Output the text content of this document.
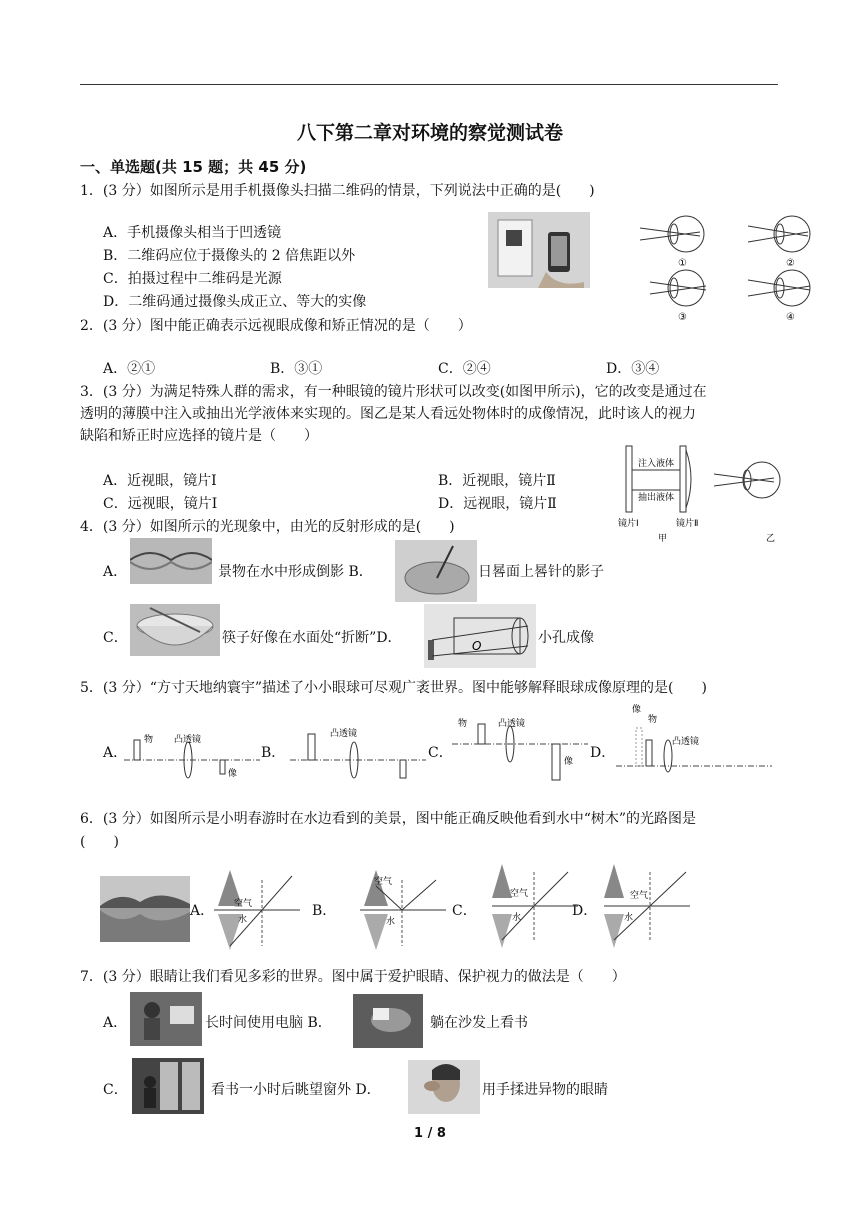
八下第二章对环境的察觉测试卷
一、单选题(共 15 题；共 45 分)
1．(3 分）如图所示是用手机摄像头扫描二维码的情景，下列说法中正确的是(　　)
A．手机摄像头相当于凹透镜
B．二维码应位于摄像头的 2 倍焦距以外
C．拍摄过程中二维码是光源
D．二维码通过摄像头成正立、等大的实像
①	②
③	④
2．(3 分）图中能正确表示远视眼成像和矫正情况的是（　　）
A．②①	B．③①	C．②④	D．③④
3．(3 分）为满足特殊人群的需求，有一种眼镜的镜片形状可以改变(如图甲所示)，它的改变是通过在
透明的薄膜中注入或抽出光学液体来实现的。图乙是某人看远处物体时的成像情况，此时该人的视力
缺陷和矫正时应选择的镜片是（　　）
A．近视眼，镜片Ⅰ	B．近视眼，镜片Ⅱ
C．远视眼，镜片Ⅰ	D．远视眼，镜片Ⅱ
注入液体
抽出液体
镜片Ⅰ	镜片Ⅱ
甲	乙
4．(3 分）如图所示的光现象中，由光的反射形成的是(　　)
A．	景物在水中形成倒影 B．	日晷面上晷针的影子
C．	筷子好像在水面处“折断”D．	O	小孔成像
5．(3 分）“方寸天地纳寰宇”描述了小小眼球可尽观广袤世界。图中能够解释眼球成像原理的是(　　)
A．	B．	C．	D．
物 凸透镜
像
凸透镜
物	凸透镜
像
像
物
凸透镜
6．(3 分）如图所示是小明春游时在水边看到的美景，图中能正确反映他看到水中“树木”的光路图是
(　　)
A．	B．	C．	D．
空气
水
空气
水
空气
水
空气
水
7．(3 分）眼睛让我们看见多彩的世界。图中属于爱护眼睛、保护视力的做法是（　　）
A．	长时间使用电脑 B．	躺在沙发上看书
C．	看书一小时后眺望窗外 D．	用手揉进异物的眼睛
1 / 8
